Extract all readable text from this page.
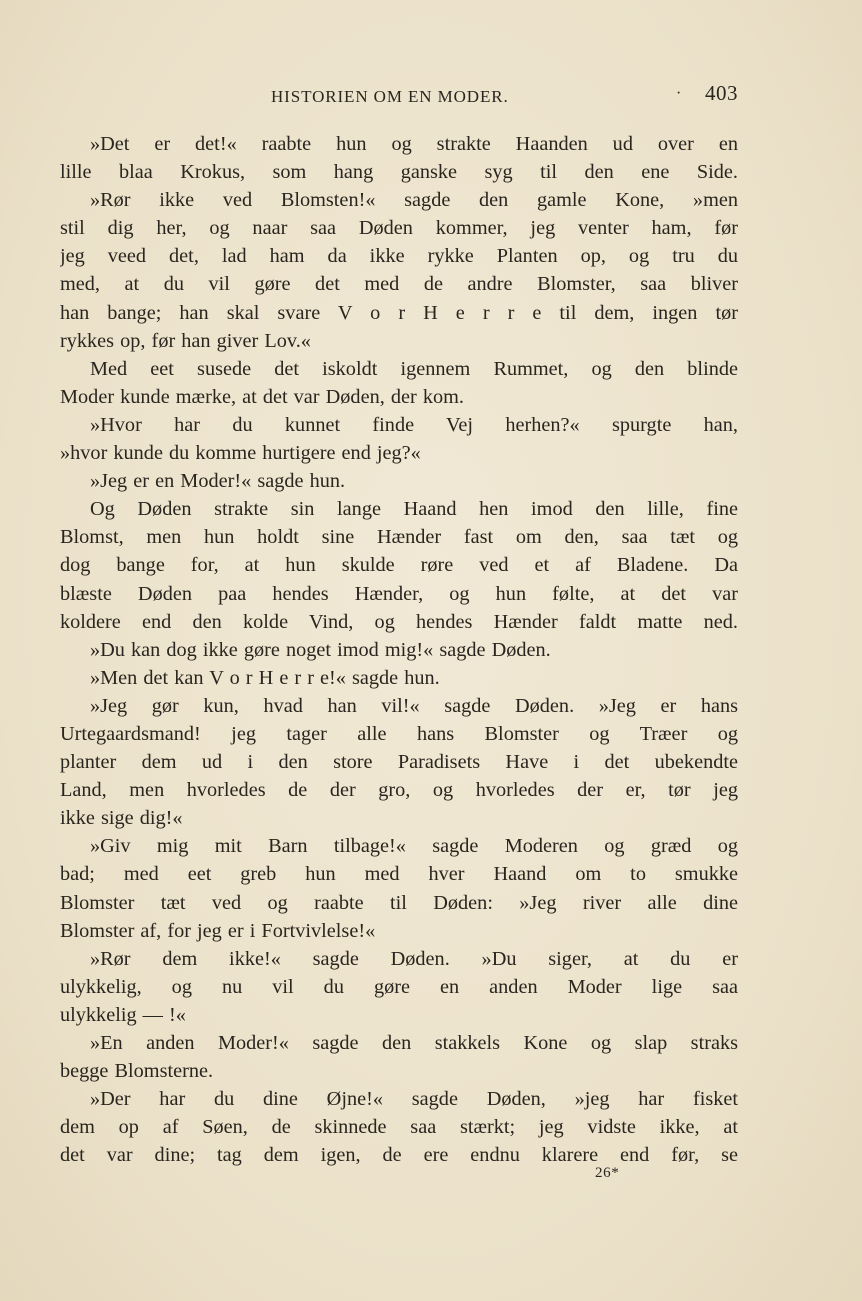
HISTORIEN OM EN MODER.	· 403
»Det er det!« raabte hun og strakte Haanden ud over en
lille blaa Krokus, som hang ganske syg til den ene Side.
»Rør ikke ved Blomsten!« sagde den gamle Kone, »men
stil dig her, og naar saa Døden kommer, jeg venter ham, før
jeg veed det, lad ham da ikke rykke Planten op, og tru du
med, at du vil gøre det med de andre Blomster, saa bliver
han bange; han skal svare V o r H e r r e til dem, ingen tør
rykkes op, før han giver Lov.«
Med eet susede det iskoldt igennem Rummet, og den blinde
Moder kunde mærke, at det var Døden, der kom.
»Hvor har du kunnet finde Vej herhen?« spurgte han,
»hvor kunde du komme hurtigere end jeg?«
»Jeg er en Moder!« sagde hun.
Og Døden strakte sin lange Haand hen imod den lille, fine
Blomst, men hun holdt sine Hænder fast om den, saa tæt og
dog bange for, at hun skulde røre ved et af Bladene. Da
blæste Døden paa hendes Hænder, og hun følte, at det var
koldere end den kolde Vind, og hendes Hænder faldt matte ned.
»Du kan dog ikke gøre noget imod mig!« sagde Døden.
»Men det kan V o r H e r r e!« sagde hun.
»Jeg gør kun, hvad han vil!« sagde Døden. »Jeg er hans
Urtegaardsmand! jeg tager alle hans Blomster og Træer og
planter dem ud i den store Paradisets Have i det ubekendte
Land, men hvorledes de der gro, og hvorledes der er, tør jeg
ikke sige dig!«
»Giv mig mit Barn tilbage!« sagde Moderen og græd og
bad; med eet greb hun med hver Haand om to smukke
Blomster tæt ved og raabte til Døden: »Jeg river alle dine
Blomster af, for jeg er i Fortvivlelse!«
»Rør dem ikke!« sagde Døden. »Du siger, at du er
ulykkelig, og nu vil du gøre en anden Moder lige saa
ulykkelig — !«
»En anden Moder!« sagde den stakkels Kone og slap straks
begge Blomsterne.
»Der har du dine Øjne!« sagde Døden, »jeg har fisket
dem op af Søen, de skinnede saa stærkt; jeg vidste ikke, at
det var dine; tag dem igen, de ere endnu klarere end før, se
26*
